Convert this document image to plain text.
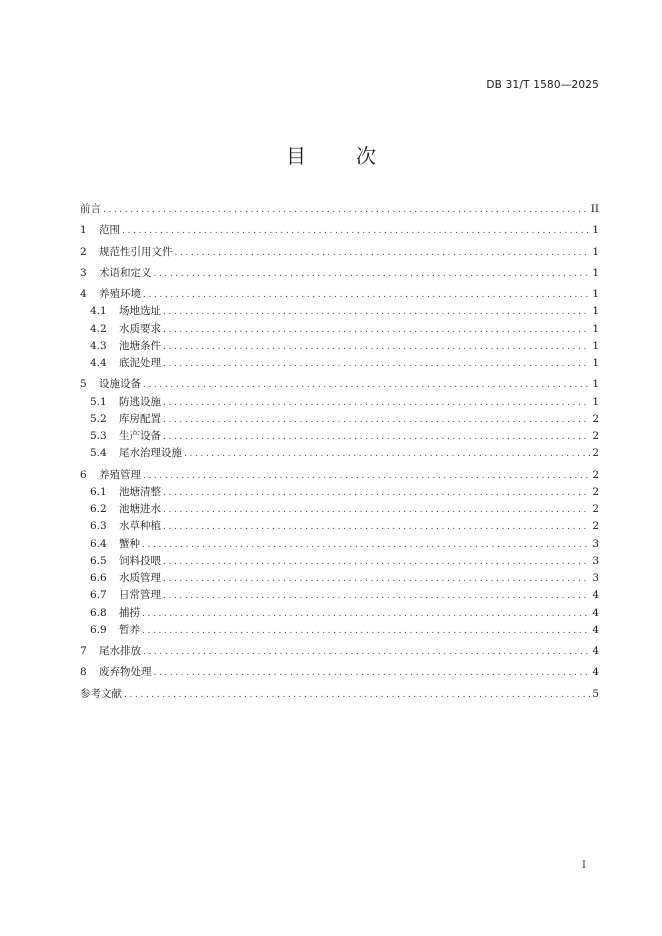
DB 31/T 1580—2025
目	次
前言 .....	II
1	范围 .....	1
2	规范性引用文件 .....	1
3	术语和定义 .....	1
4	养殖环境 .....	1
4.1	场地选址 .....	1
4.2	水质要求 .....	1
4.3	池塘条件 .....	1
4.4	底泥处理 .....	1
5	设施设备 .....	1
5.1	防逃设施 .....	1
5.2	库房配置 .....	2
5.3	生产设备 .....	2
5.4	尾水治理设施 .....	2
6	养殖管理 .....	2
6.1	池塘清整 .....	2
6.2	池塘进水 .....	2
6.3	水草种植 .....	2
6.4	蟹种 .....	3
6.5	饲料投喂 .....	3
6.6	水质管理 .....	3
6.7	日常管理 .....	4
6.8	捕捞 .....	4
6.9	暂养 .....	4
7	尾水排放 .....	4
8	废弃物处理 .....	4
参考文献 .....	5
I
